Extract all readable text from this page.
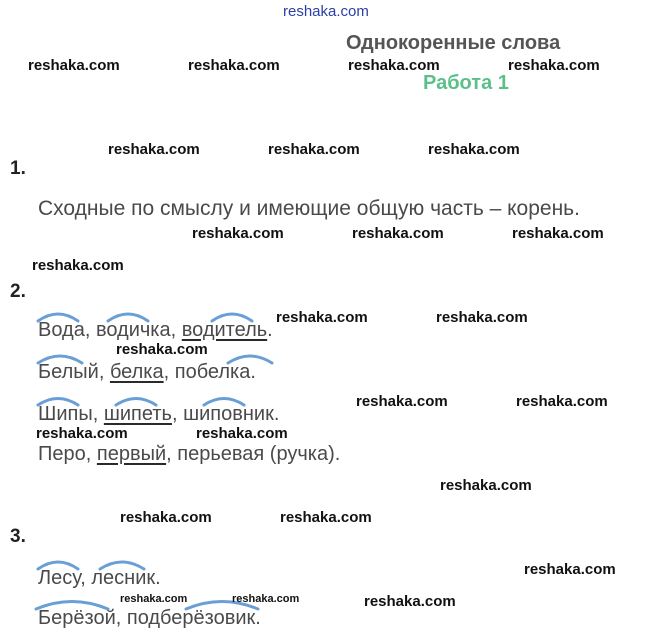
reshaka.com
Однокоренные слова
Работа 1
1.
Сходные по смыслу и имеющие общую часть – корень.
2.
Вода, водичка, водитель.
Белый, белка, побелка.
Шипы, шипеть, шиповник.
Перо, первый, перьевая (ручка).
3.
Лесу, лесник.
Берёзой, подберёзовик.
reshaka.com	reshaka.com	reshaka.com	reshaka.com
reshaka.com	reshaka.com	reshaka.com
reshaka.com	reshaka.com	reshaka.com
reshaka.com
reshaka.com	reshaka.com
reshaka.com
reshaka.com	reshaka.com
reshaka.com	reshaka.com
reshaka.com
reshaka.com	reshaka.com
reshaka.com
reshaka.com	reshaka.com	reshaka.com
